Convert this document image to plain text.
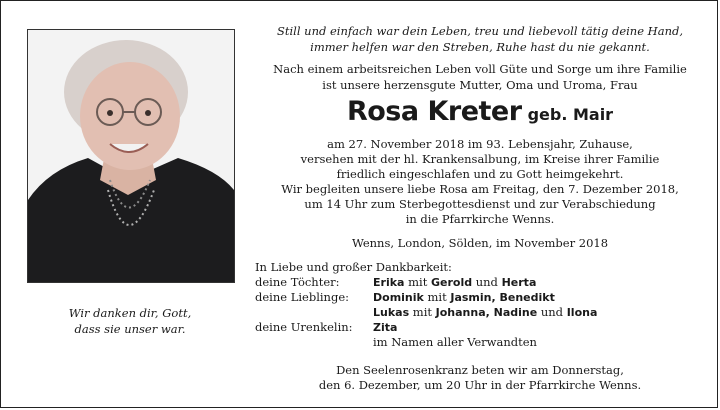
Wir danken dir, Gott,
dass sie unser war.
Still und einfach war dein Leben, treu und liebevoll tätig deine Hand,
immer helfen war den Streben, Ruhe hast du nie gekannt.
Nach einem arbeitsreichen Leben voll Güte und Sorge um ihre Familie
ist unsere herzensgute Mutter, Oma und Uroma, Frau
Rosa Kreter geb. Mair
am 27. November 2018 im 93. Lebensjahr, Zuhause,
versehen mit der hl. Krankensalbung, im Kreise ihrer Familie
friedlich eingeschlafen und zu Gott heimgekehrt.
Wir begleiten unsere liebe Rosa am Freitag, den 7. Dezember 2018,
um 14 Uhr zum Sterbegottesdienst und zur Verabschiedung
in die Pfarrkirche Wenns.
Wenns, London, Sölden, im November 2018
In Liebe und großer Dankbarkeit:
deine Töchter:	Erika mit Gerold und Herta
deine Lieblinge:	Dominik mit Jasmin, Benedikt
Lukas mit Johanna, Nadine und Ilona
deine Urenkelin:	Zita
im Namen aller Verwandten
Den Seelenrosenkranz beten wir am Donnerstag,
den 6. Dezember, um 20 Uhr in der Pfarrkirche Wenns.
